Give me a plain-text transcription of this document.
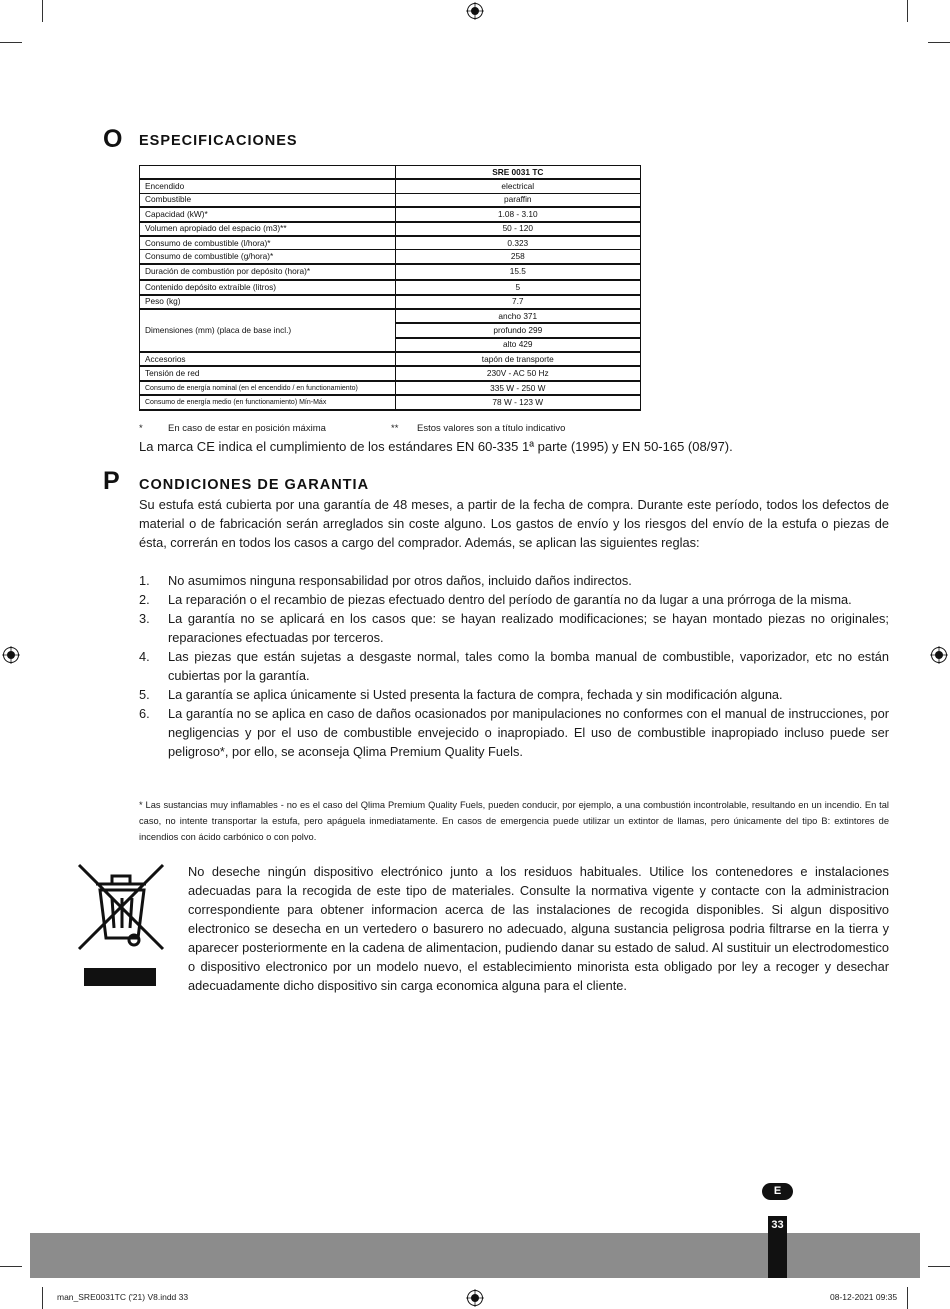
O ESPECIFICACIONES
	SRE 0031 TC
Encendido	electrical
Combustible	paraffin
Capacidad (kW)*	1.08 - 3.10
Volumen apropiado del espacio (m3)**	50 - 120
Consumo de combustible (l/hora)*	0.323
Consumo de combustible (g/hora)*	258
Duración de combustión por depósito (hora)*	15.5
Contenido depósito extraíble (litros)	5
Peso (kg)	7.7
Dimensiones (mm) (placa de base incl.)	ancho 371
	profundo 299
	alto 429
Accesorios	tapón de transporte
Tensión de red	230V - AC 50 Hz
Consumo de energía nominal (en el encendido / en functionamiento)	335 W - 250 W
Consumo de energía medio (en functionamiento) Mín-Máx	78 W - 123 W
*	En caso de estar en posición máxima	** Estos valores son a título indicativo
La marca CE indica el cumplimiento de los estándares EN 60-335 1ª parte (1995) y EN 50-165 (08/97).
P CONDICIONES DE GARANTIA
Su estufa está cubierta por una garantía de 48 meses, a partir de la fecha de compra. Durante este período, todos los defectos de material o de fabricación serán arreglados sin coste alguno. Los gastos de envío y los riesgos del envío de la estufa o piezas de ésta, correrán en todos los casos a cargo del comprador. Además, se aplican las siguientes reglas:
1. No asumimos ninguna responsabilidad por otros daños, incluido daños indirectos.
2. La reparación o el recambio de piezas efectuado dentro del período de garantía no da lugar a una prórroga de la misma.
3. La garantía no se aplicará en los casos que: se hayan realizado modificaciones; se hayan montado piezas no originales; reparaciones efectuadas por terceros.
4. Las piezas que están sujetas a desgaste normal, tales como la bomba manual de combustible, vaporizador, etc no están cubiertas por la garantía.
5. La garantía se aplica únicamente si Usted presenta la factura de compra, fechada y sin modificación alguna.
6. La garantía no se aplica en caso de daños ocasionados por manipulaciones no conformes con el manual de instrucciones, por negligencias y por el uso de combustible envejecido o inapropiado. El uso de combustible inapropiado incluso puede ser peligroso*, por ello, se aconseja Qlima Premium Quality Fuels.
* Las sustancias muy inflamables - no es el caso del Qlima Premium Quality Fuels, pueden conducir, por ejemplo, a una combustión incontrolable, resultando en un incendio. En tal caso, no intente transportar la estufa, pero apáguela inmediatamente. En casos de emergencia puede utilizar un extintor de llamas, pero únicamente del tipo B: extintores de incendios con ácido carbónico o con polvo.
No deseche ningún dispositivo electrónico junto a los residuos habituales. Utilice los contenedores e instalaciones adecuadas para la recogida de este tipo de materiales. Consulte la normativa vigente y contacte con la administracion correspondiente para obtener informacion acerca de las instalaciones de recogida disponibles. Si algun dispositivo electronico se desecha en un vertedero o basurero no adecuado, alguna sustancia peligrosa podria filtrarse en la tierra y aparecer posteriormente en la cadena de alimentacion, pudiendo danar su estado de salud. Al sustituir un electrodomestico o dispositivo electronico por un modelo nuevo, el establecimiento minorista esta obligado por ley a recoger y desechar adecuadamente dicho dispositivo sin carga economica alguna para el cliente.
E
33
man_SRE0031TC ('21) V8.indd 33	08-12-2021 09:35
